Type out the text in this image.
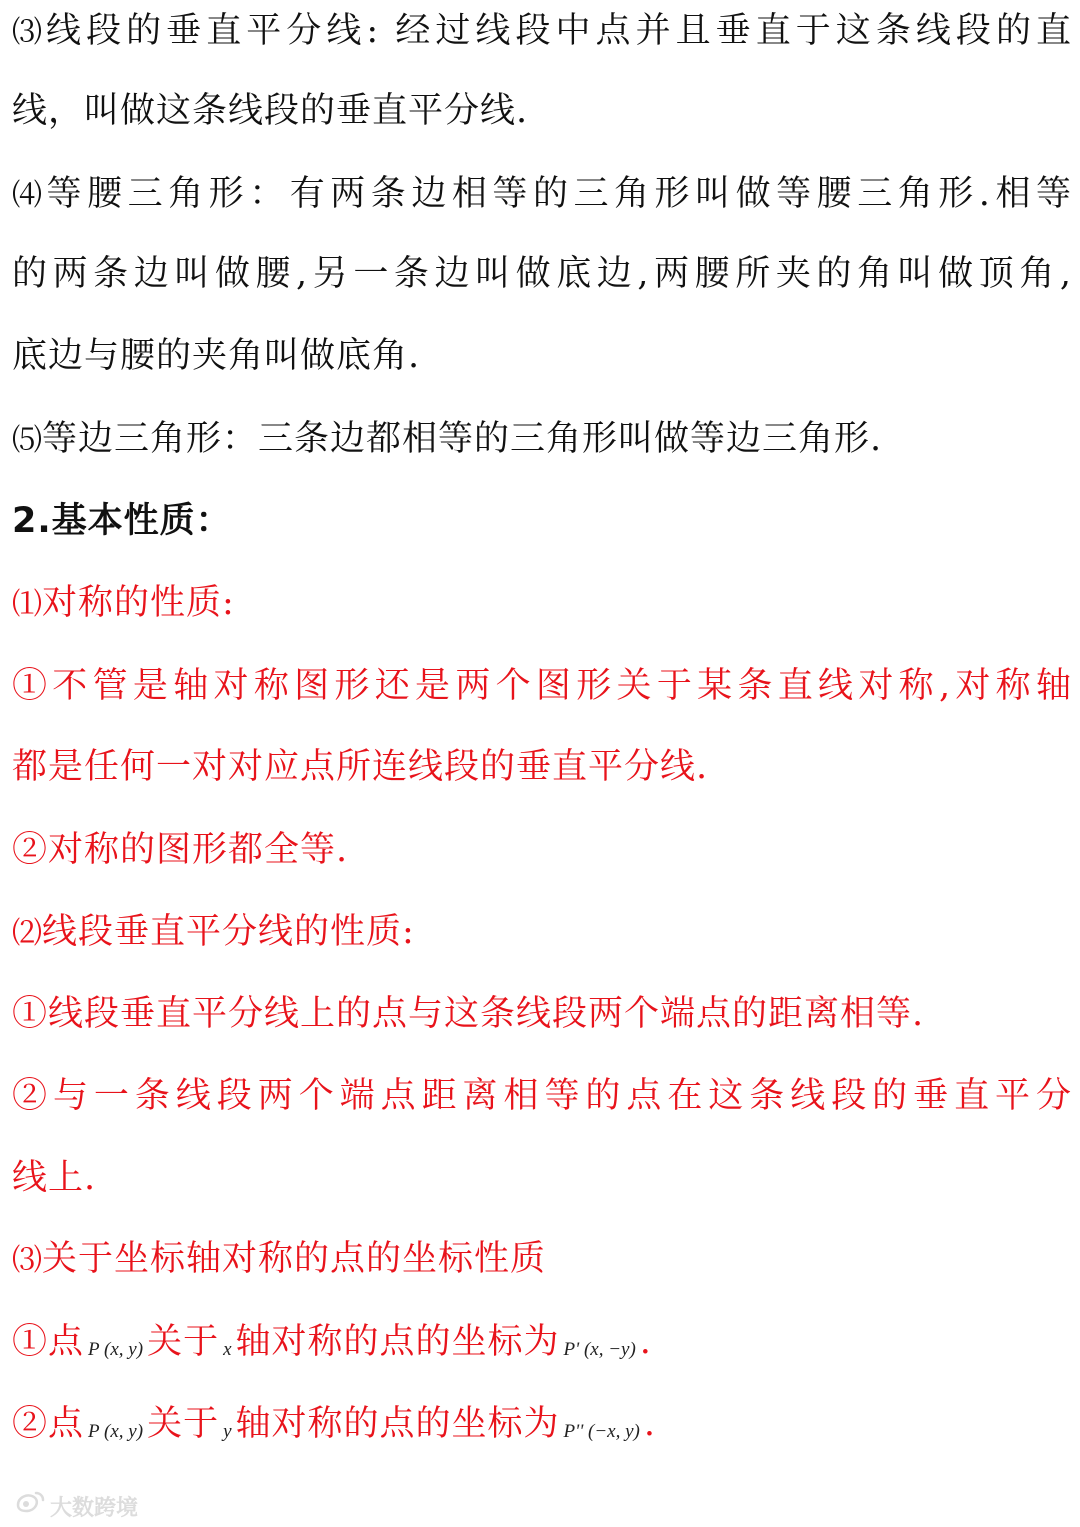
⑶线段的垂直平分线: 经过线段中点并且垂直于这条线段的直
线，叫做这条线段的垂直平分线.
⑷等腰三角形：有两条边相等的三角形叫做等腰三角形.相等
的两条边叫做腰,另一条边叫做底边,两腰所夹的角叫做顶角,
底边与腰的夹角叫做底角.
⑸等边三角形：三条边都相等的三角形叫做等边三角形.
2.基本性质：
⑴对称的性质:
①不管是轴对称图形还是两个图形关于某条直线对称,对称轴
都是任何一对对应点所连线段的垂直平分线.
②对称的图形都全等.
⑵线段垂直平分线的性质:
①线段垂直平分线上的点与这条线段两个端点的距离相等.
②与一条线段两个端点距离相等的点在这条线段的垂直平分
线上.
⑶关于坐标轴对称的点的坐标性质
①点 P (x, y) 关于 x 轴对称的点的坐标为 P' (x, −y) .
②点 P (x, y) 关于 y 轴对称的点的坐标为 P'' (−x, y) .
大数跨境
